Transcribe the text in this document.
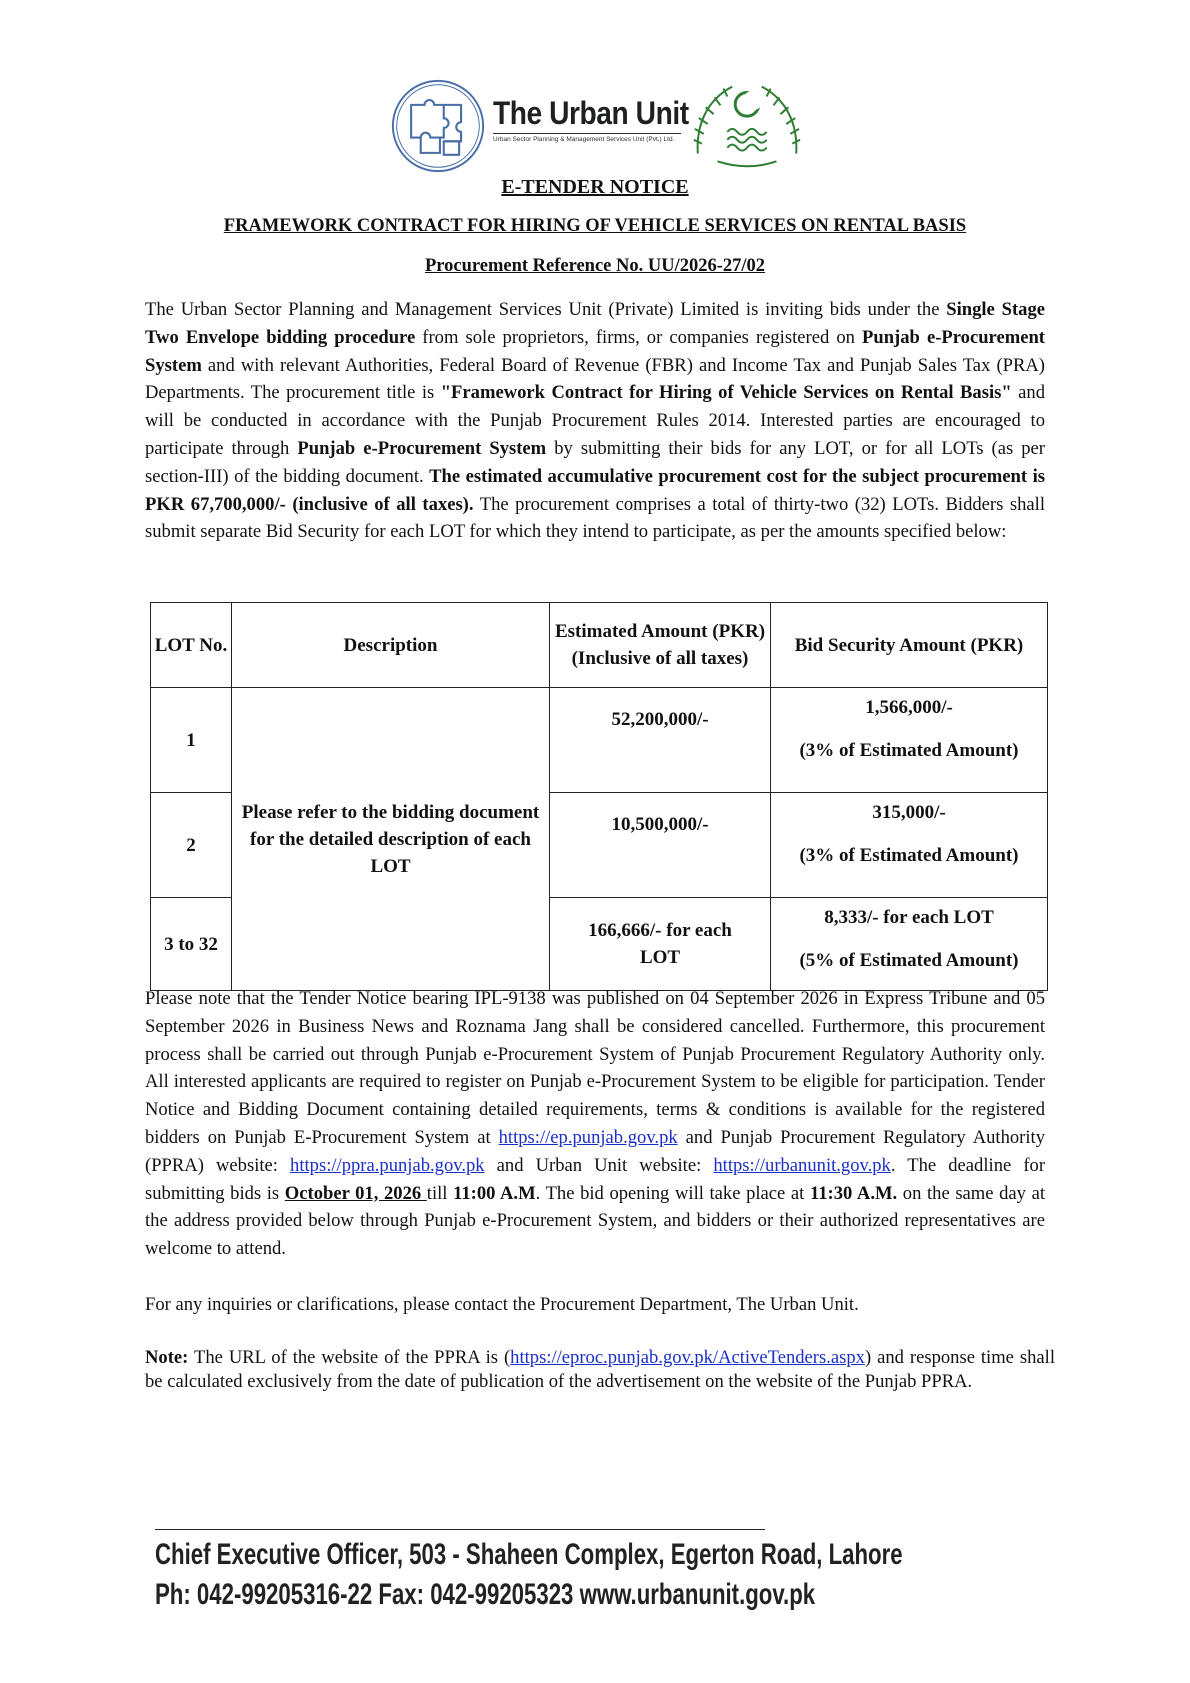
The Urban Unit
Urban Sector Planning & Management Services Unit (Pvt.) Ltd.
E-TENDER NOTICE
FRAMEWORK CONTRACT FOR HIRING OF VEHICLE SERVICES ON RENTAL BASIS
Procurement Reference No. UU/2026-27/02
The Urban Sector Planning and Management Services Unit (Private) Limited is inviting bids under the Single Stage Two Envelope bidding procedure from sole proprietors, firms, or companies registered on Punjab e-Procurement System and with relevant Authorities, Federal Board of Revenue (FBR) and Income Tax and Punjab Sales Tax (PRA) Departments. The procurement title is "Framework Contract for Hiring of Vehicle Services on Rental Basis" and will be conducted in accordance with the Punjab Procurement Rules 2014. Interested parties are encouraged to participate through Punjab e-Procurement System by submitting their bids for any LOT, or for all LOTs (as per section-III) of the bidding document. The estimated accumulative procurement cost for the subject procurement is PKR 67,700,000/- (inclusive of all taxes). The procurement comprises a total of thirty-two (32) LOTs. Bidders shall submit separate Bid Security for each LOT for which they intend to participate, as per the amounts specified below:
LOT No.	Description	Estimated Amount (PKR) (Inclusive of all taxes)	Bid Security Amount (PKR)
1	Please refer to the bidding document for the detailed description of each LOT	52,200,000/-	1,566,000/-
(3% of Estimated Amount)

2		10,500,000/-	315,000/-
(3% of Estimated Amount)

3 to 32		166,666/- for each LOT	8,333/- for each LOT
(5% of Estimated Amount)
Please note that the Tender Notice bearing IPL-9138 was published on 04 September 2026 in Express Tribune and 05 September 2026 in Business News and Roznama Jang shall be considered cancelled. Furthermore, this procurement process shall be carried out through Punjab e-Procurement System of Punjab Procurement Regulatory Authority only. All interested applicants are required to register on Punjab e-Procurement System to be eligible for participation. Tender Notice and Bidding Document containing detailed requirements, terms & conditions is available for the registered bidders on Punjab E-Procurement System at https://ep.punjab.gov.pk and Punjab Procurement Regulatory Authority (PPRA) website: https://ppra.punjab.gov.pk and Urban Unit website: https://urbanunit.gov.pk. The deadline for submitting bids is October 01, 2026 till 11:00 A.M. The bid opening will take place at 11:30 A.M. on the same day at the address provided below through Punjab e-Procurement System, and bidders or their authorized representatives are welcome to attend.
For any inquiries or clarifications, please contact the Procurement Department, The Urban Unit.
Note: The URL of the website of the PPRA is (https://eproc.punjab.gov.pk/ActiveTenders.aspx) and response time shall be calculated exclusively from the date of publication of the advertisement on the website of the Punjab PPRA.
Chief Executive Officer, 503 - Shaheen Complex, Egerton Road, Lahore
Ph: 042-99205316-22 Fax: 042-99205323 www.urbanunit.gov.pk
